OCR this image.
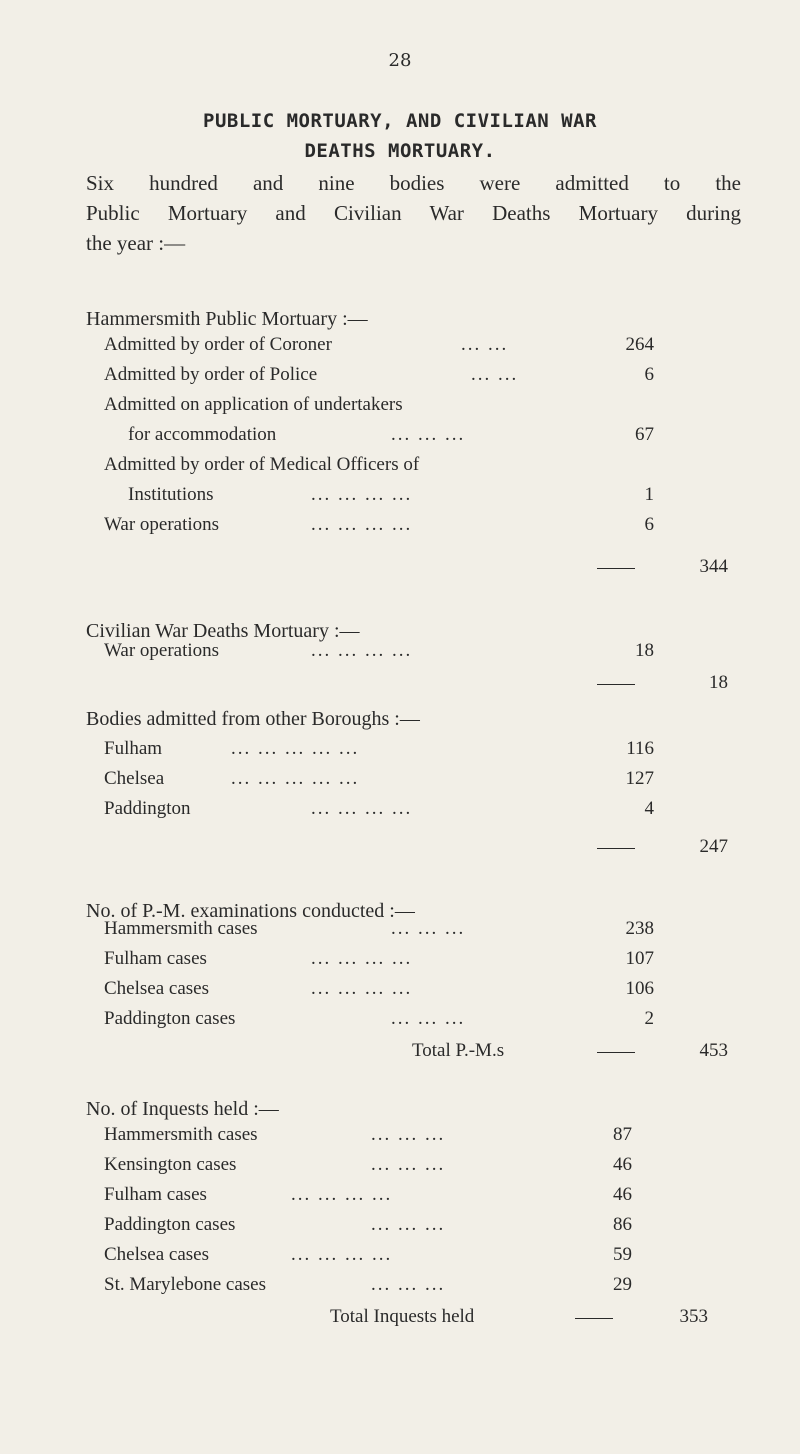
28
PUBLIC MORTUARY, AND CIVILIAN WAR
DEATHS MORTUARY.
Six hundred and nine bodies were admitted to the
Public Mortuary and Civilian War Deaths Mortuary during
the year :—
Hammersmith Public Mortuary :—
Admitted by order of Coroner	... ...	264
Admitted by order of Police	... ...	6
Admitted on application of undertakers
for accommodation	... ... ...	67
Admitted by order of Medical Officers of
Institutions	... ... ... ...	1
War operations	... ... ... ...	6
344
Civilian War Deaths Mortuary :—
War operations	... ... ... ...	18
18
Bodies admitted from other Boroughs :—
Fulham	... ... ... ... ...	116
Chelsea	... ... ... ... ...	127
Paddington	... ... ... ...	4
247
No. of P.-M. examinations conducted :—
Hammersmith cases	... ... ...	238
Fulham cases	... ... ... ...	107
Chelsea cases	... ... ... ...	106
Paddington cases	... ... ...	2
Total P.-M.s	453
No. of Inquests held :—
Hammersmith cases	... ... ...	87
Kensington cases	... ... ...	46
Fulham cases	... ... ... ...	46
Paddington cases	... ... ...	86
Chelsea cases	... ... ... ...	59
St. Marylebone cases	... ... ...	29
Total Inquests held	353
